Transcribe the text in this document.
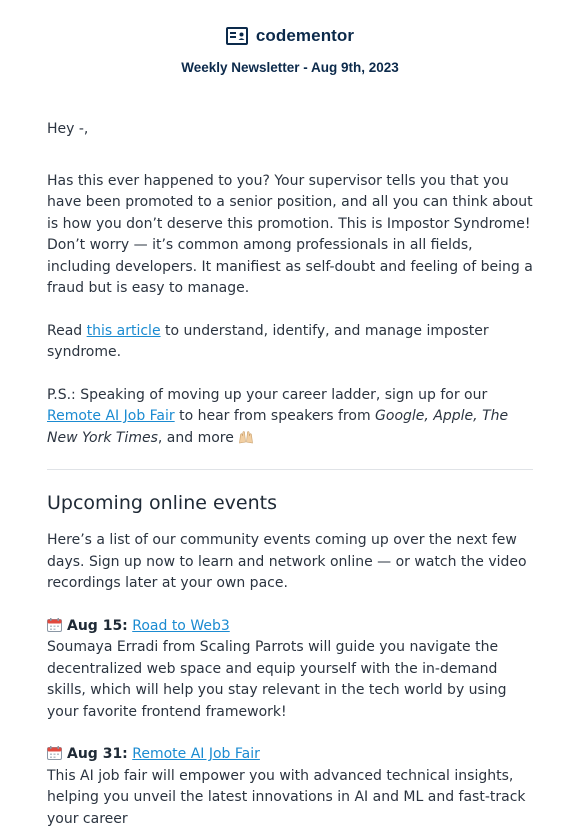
codementor
Weekly Newsletter - Aug 9th, 2023

Hey -,

Has this ever happened to you? Your supervisor tells you that you have been promoted to a senior position, and all you can think about is how you don’t deserve this promotion. This is Impostor Syndrome! Don’t worry — it’s common among professionals in all fields, including developers. It manifiest as self-doubt and feeling of being a fraud but is easy to manage.

Read this article to understand, identify, and manage imposter syndrome.

P.S.: Speaking of moving up your career ladder, sign up for our Remote AI Job Fair to hear from speakers from Google, Apple, The New York Times, and more

Upcoming online events

Here’s a list of our community events coming up over the next few days. Sign up now to learn and network online — or watch the video recordings later at your own pace.

Aug 15: Road to Web3

Soumaya Erradi from Scaling Parrots will guide you navigate the decentralized web space and equip yourself with the in-demand skills, which will help you stay relevant in the tech world by using your favorite frontend framework!

Aug 31: Remote AI Job Fair

This AI job fair will empower you with advanced technical insights, helping you unveil the latest innovations in AI and ML and fast-track your career
